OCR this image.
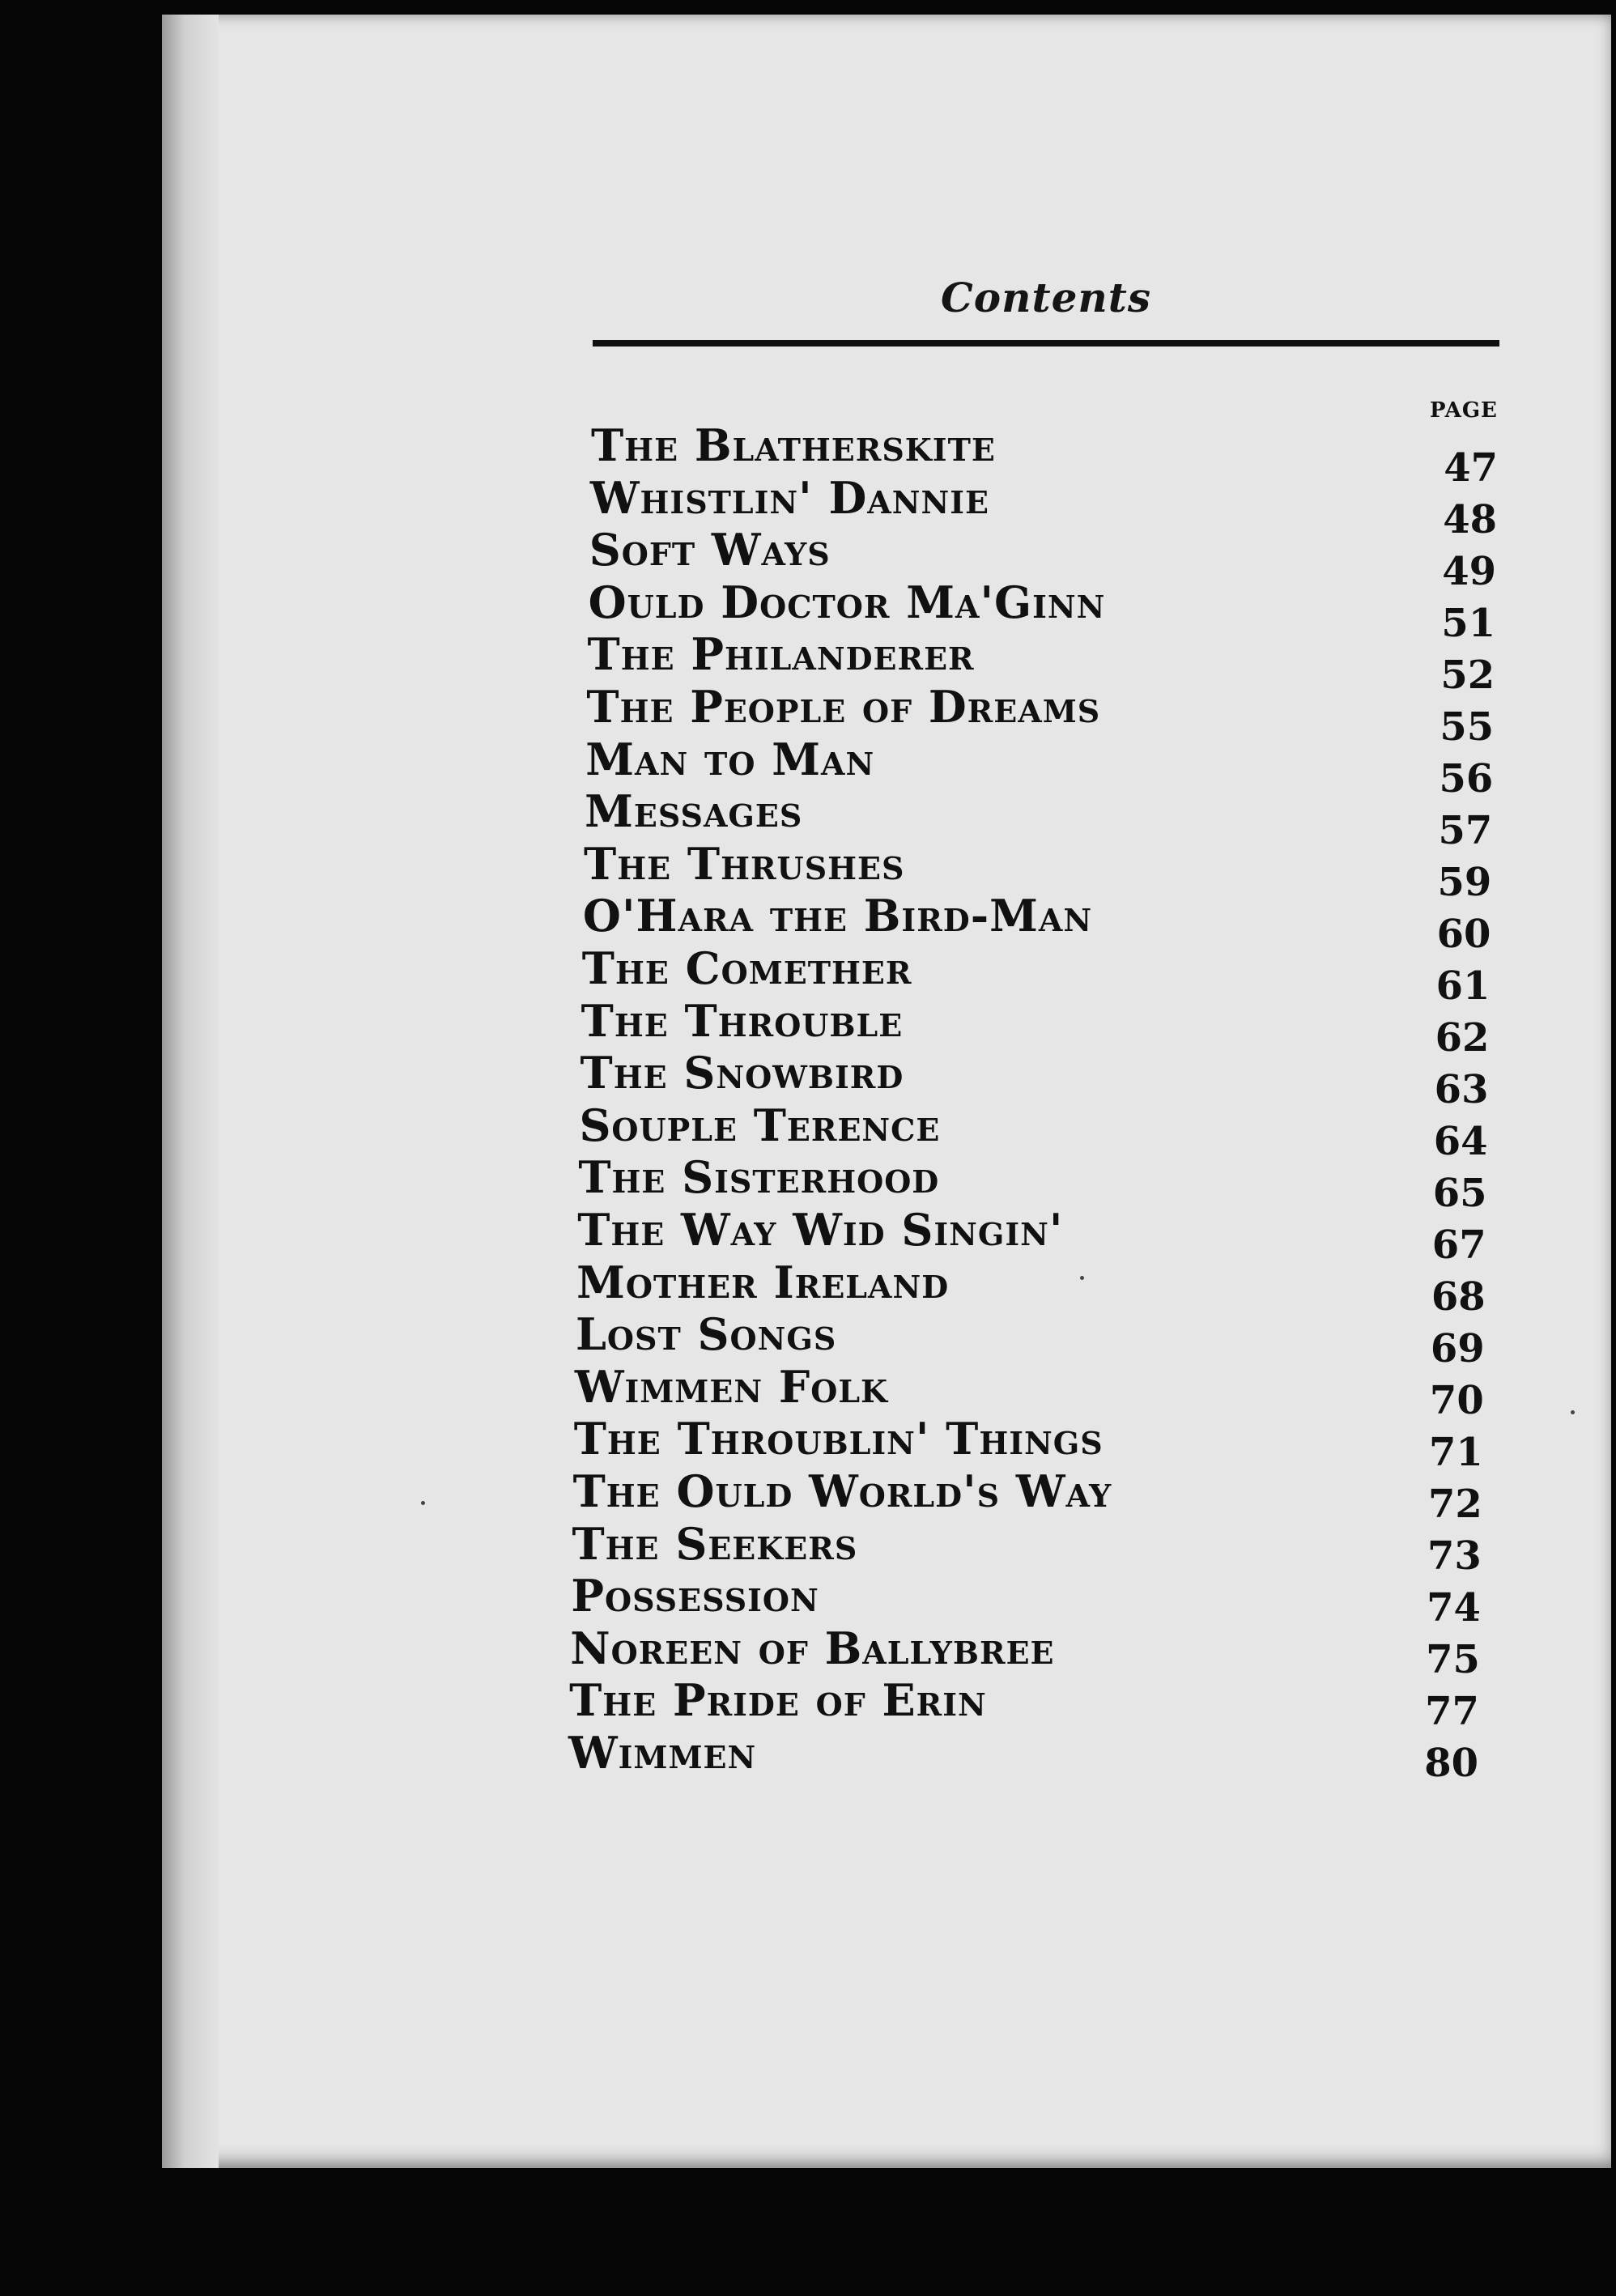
Contents
PAGE
The Blatherskite	47
Whistlin' Dannie	48
Soft Ways	49
Ould Doctor Ma'Ginn	51
The Philanderer	52
The People of Dreams	55
Man to Man	56
Messages	57
The Thrushes	59
O'Hara the Bird-Man	60
The Comether	61
The Throuble	62
The Snowbird	63
Souple Terence	64
The Sisterhood	65
The Way Wid Singin'	67
Mother Ireland	68
Lost Songs	69
Wimmen Folk	70
The Throublin' Things	71
The Ould World's Way	72
The Seekers	73
Possession	74
Noreen of Ballybree	75
The Pride of Erin	77
Wimmen	80
